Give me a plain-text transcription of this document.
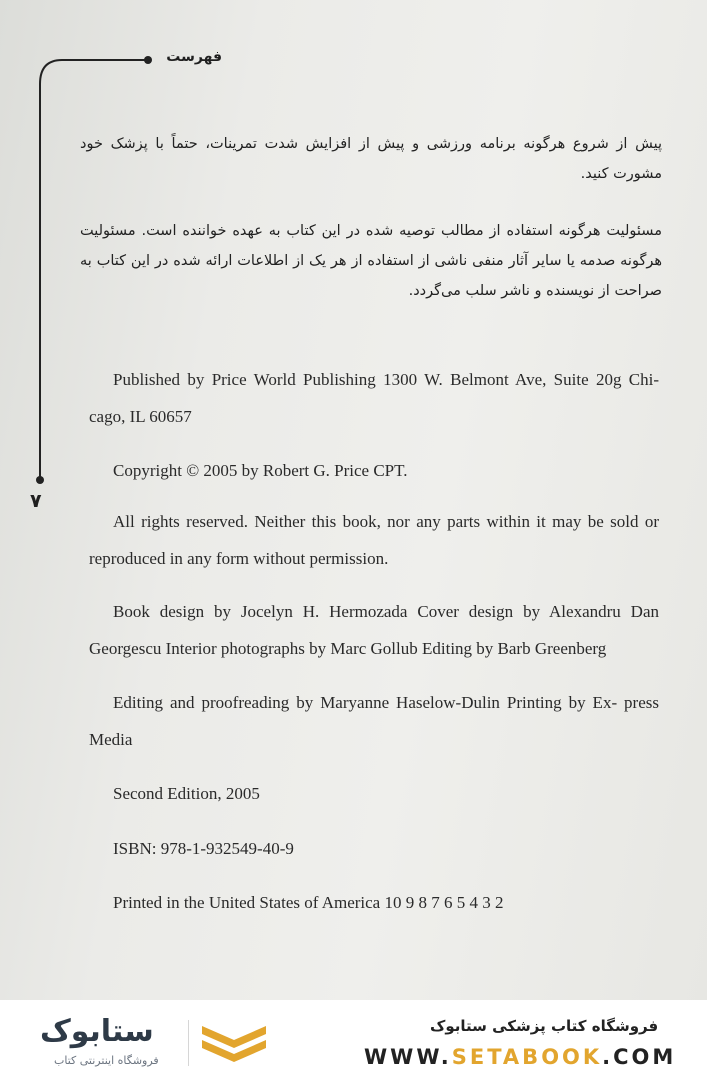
فهرست
۷

پیش از شروع هرگونه برنامه ورزشی و پیش از افزایش شدت تمرینات، حتماً با پزشک خود مشورت کنید.

مسئولیت هرگونه استفاده از مطالب توصیه شده در این کتاب به عهده خواننده است. مسئولیت هرگونه صدمه یا سایر آثار منفی ناشی از استفاده از هر یک از اطلاعات ارائه شده در این کتاب به صراحت از نویسنده و ناشر سلب می‌گردد.

Published by Price World Publishing 1300 W. Belmont Ave, Suite 20g Chi- cago, IL 60657

Copyright © 2005 by Robert G. Price CPT.

All rights reserved. Neither this book, nor any parts within it may be sold or reproduced in any form without permission.

Book design by Jocelyn H. Hermozada Cover design by Alexandru Dan Georgescu Interior photographs by Marc Gollub Editing by Barb Greenberg

Editing and proofreading by Maryanne Haselow-Dulin Printing by Ex- press Media

Second Edition, 2005

ISBN: 978-1-932549-40-9

Printed in the United States of America 10 9 8 7 6 5 4 3 2

ستابوک
فروشگاه اینترنتی کتاب
فروشگاه کتاب پزشکی ستابوک
WWW.SETABOOK.COM
